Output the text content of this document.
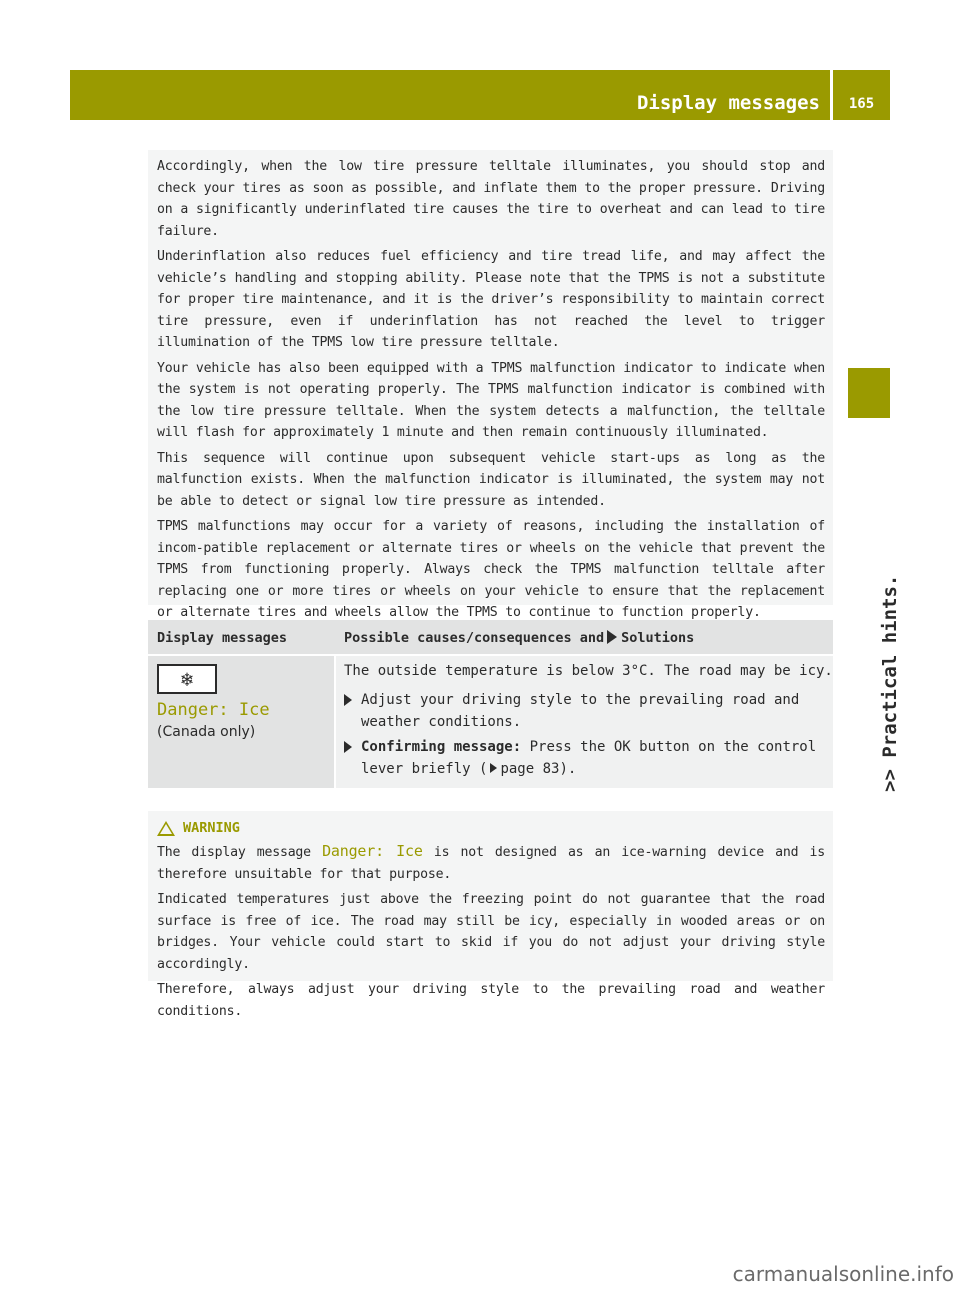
Display messages	165
>> Practical hints.

Accordingly, when the low tire pressure telltale illuminates, you should stop and check your tires as soon as possible, and inflate them to the proper pressure. Driving on a significantly underinflated tire causes the tire to overheat and can lead to tire failure.

Underinflation also reduces fuel efficiency and tire tread life, and may affect the vehicle’s handling and stopping ability. Please note that the TPMS is not a substitute for proper tire maintenance, and it is the driver’s responsibility to maintain correct tire pressure, even if underinflation has not reached the level to trigger illumination of the TPMS low tire pressure telltale.

Your vehicle has also been equipped with a TPMS malfunction indicator to indicate when the system is not operating properly. The TPMS malfunction indicator is combined with the low tire pressure telltale. When the system detects a malfunction, the telltale will flash for approximately 1 minute and then remain continuously illuminated.

This sequence will continue upon subsequent vehicle start-ups as long as the malfunction exists. When the malfunction indicator is illuminated, the system may not be able to detect or signal low tire pressure as intended.

TPMS malfunctions may occur for a variety of reasons, including the installation of incom-patible replacement or alternate tires or wheels on the vehicle that prevent the TPMS from functioning properly. Always check the TPMS malfunction telltale after replacing one or more tires or wheels on your vehicle to ensure that the replacement or alternate tires and wheels allow the TPMS to continue to function properly.

Display messages	Possible causes/consequences and Solutions
❄
Danger: Ice
(Canada only)
The outside temperature is below 3°C. The road may be icy.
Adjust your driving style to the prevailing road and weather conditions.
Confirming message: Press the OK button on the control lever briefly ( page 83).
WARNING

The display message Danger: Ice is not designed as an ice-warning device and is therefore unsuitable for that purpose.

Indicated temperatures just above the freezing point do not guarantee that the road surface is free of ice. The road may still be icy, especially in wooded areas or on bridges. Your vehicle could start to skid if you do not adjust your driving style accordingly.

Therefore, always adjust your driving style to the prevailing road and weather conditions.

carmanualsonline.info
